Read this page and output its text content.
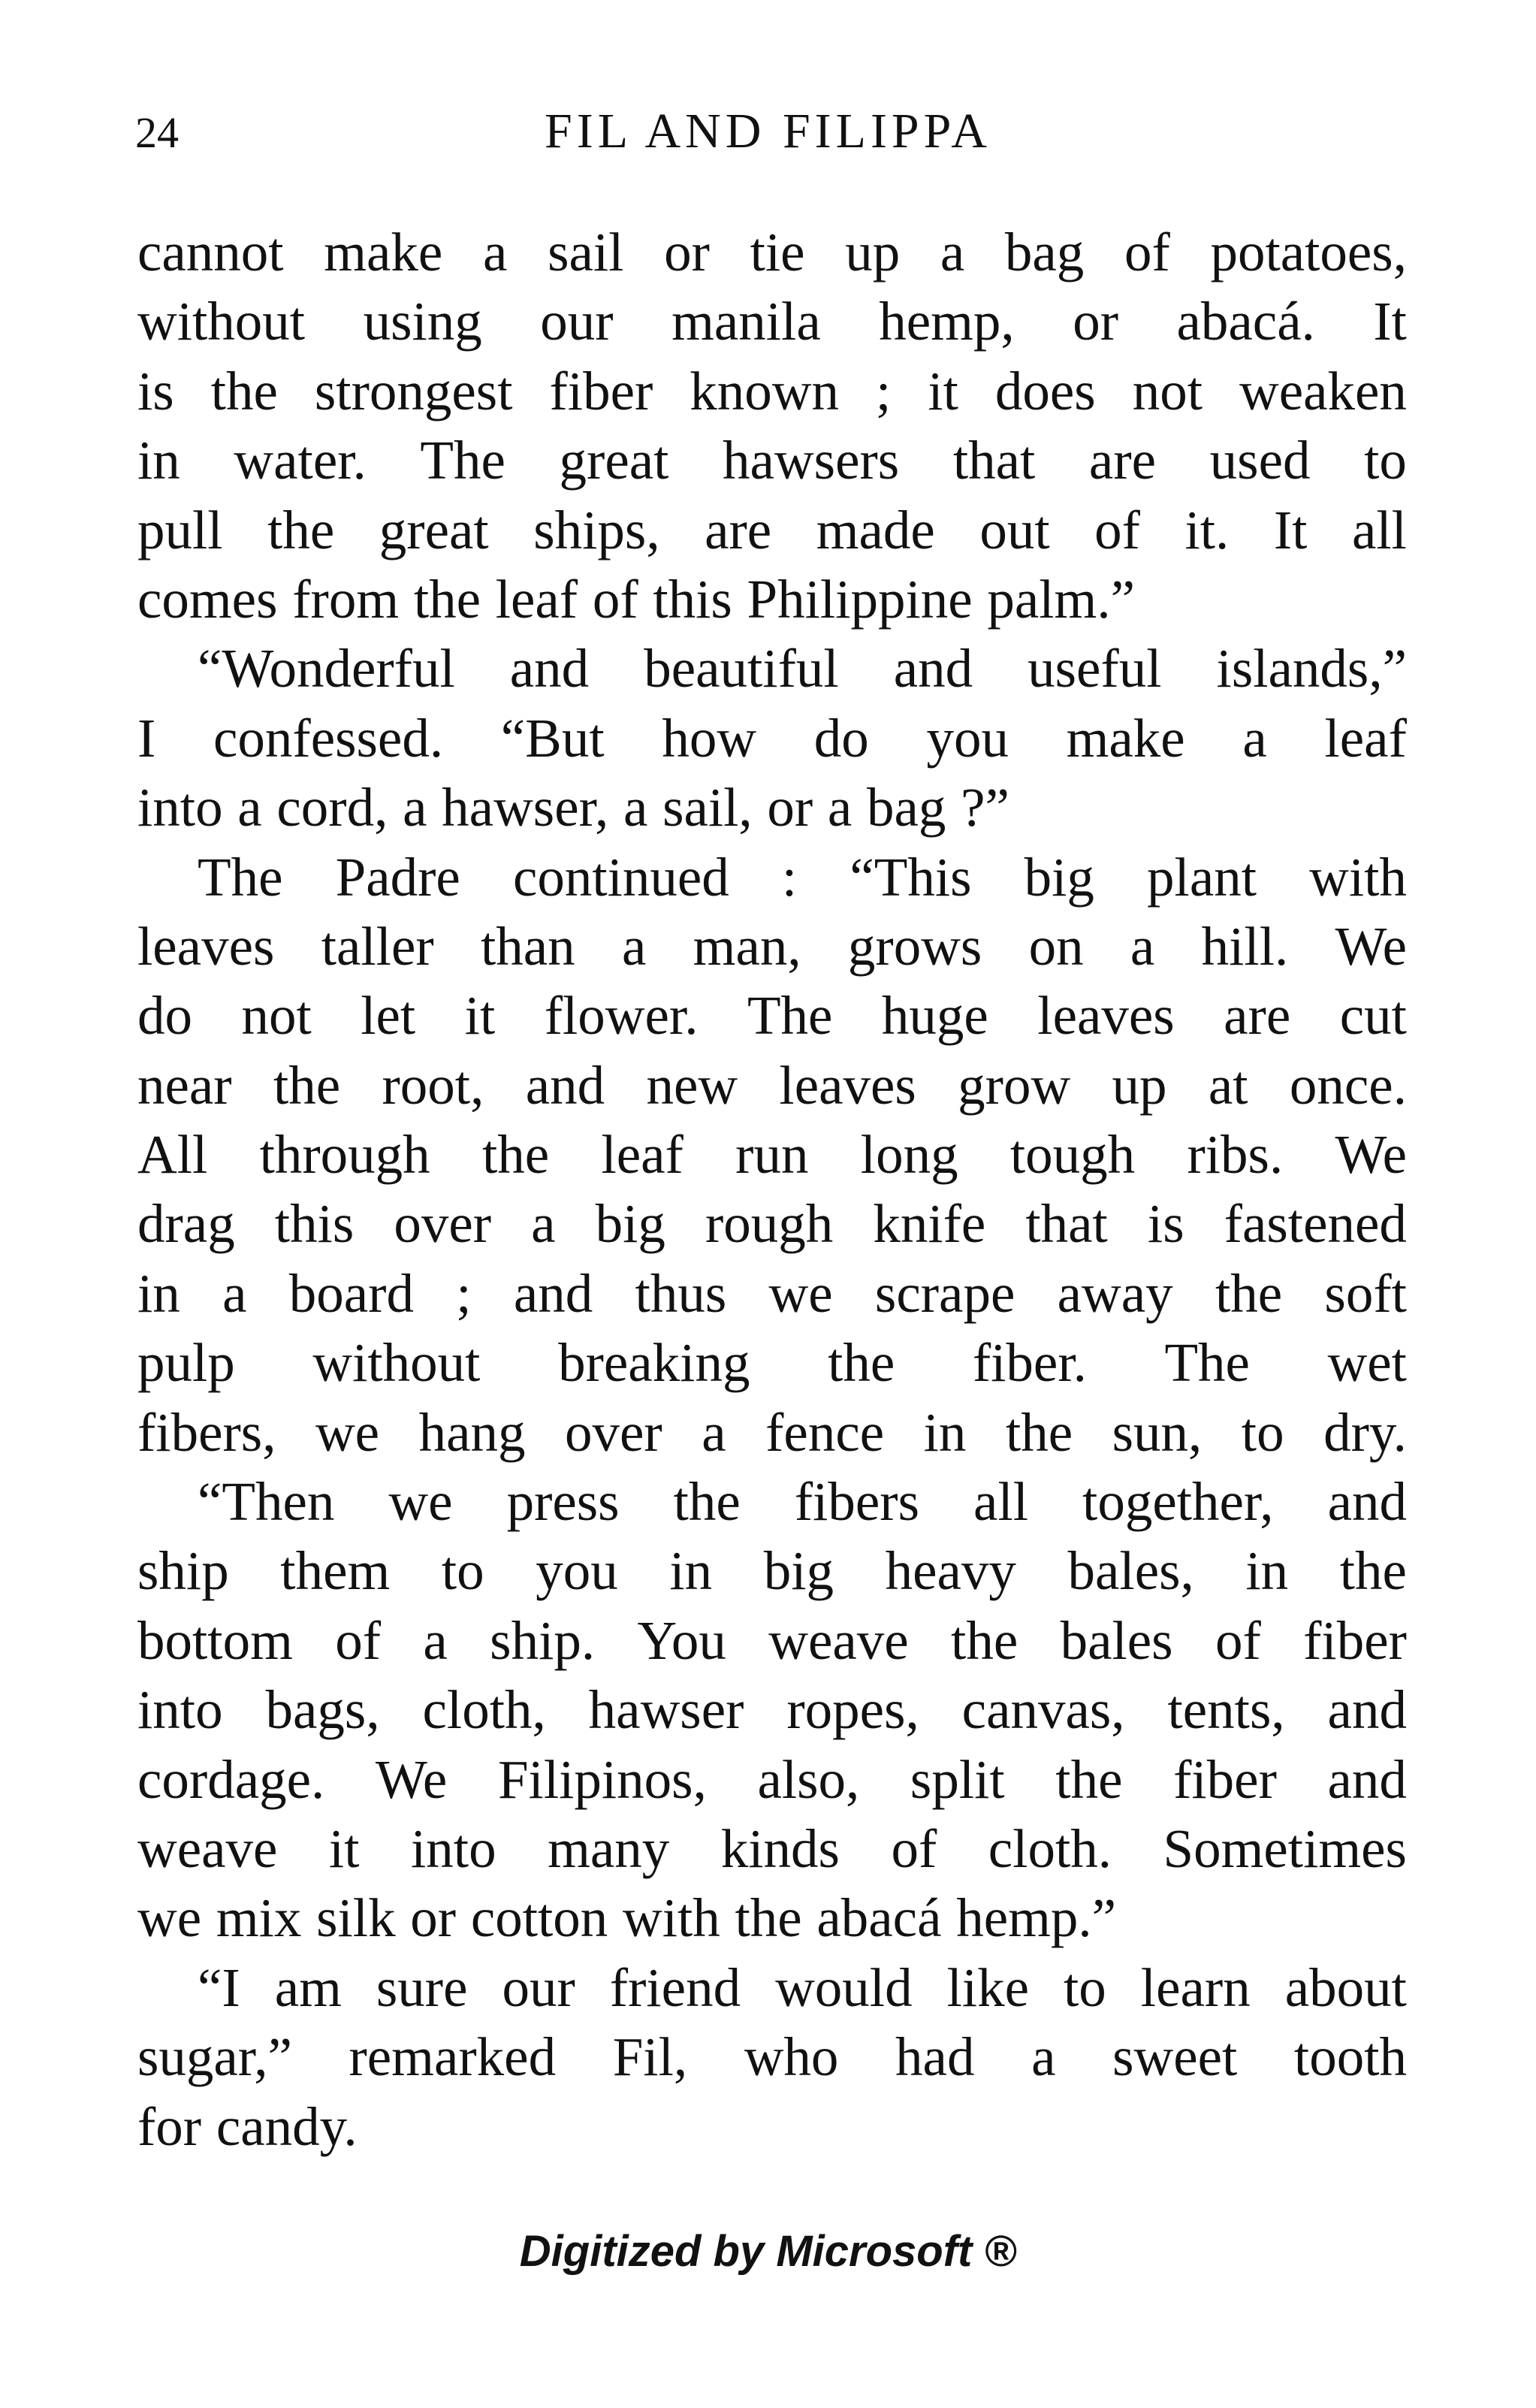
24	FIL AND FILIPPA
cannot make a sail or tie up a bag of potatoes,
without using our manila hemp, or abacá. It
is the strongest fiber known ; it does not weaken
in water. The great hawsers that are used to
pull the great ships, are made out of it. It all
comes from the leaf of this Philippine palm.”
“Wonderful and beautiful and useful islands,”
I confessed. “But how do you make a leaf
into a cord, a hawser, a sail, or a bag ?”
The Padre continued : “This big plant with
leaves taller than a man, grows on a hill. We
do not let it flower. The huge leaves are cut
near the root, and new leaves grow up at once.
All through the leaf run long tough ribs. We
drag this over a big rough knife that is fastened
in a board ; and thus we scrape away the soft
pulp without breaking the fiber. The wet
fibers, we hang over a fence in the sun, to dry.
“Then we press the fibers all together, and
ship them to you in big heavy bales, in the
bottom of a ship. You weave the bales of fiber
into bags, cloth, hawser ropes, canvas, tents, and
cordage. We Filipinos, also, split the fiber and
weave it into many kinds of cloth. Sometimes
we mix silk or cotton with the abacá hemp.”
“I am sure our friend would like to learn about
sugar,” remarked Fil, who had a sweet tooth
for candy.
Digitized by Microsoft ®
